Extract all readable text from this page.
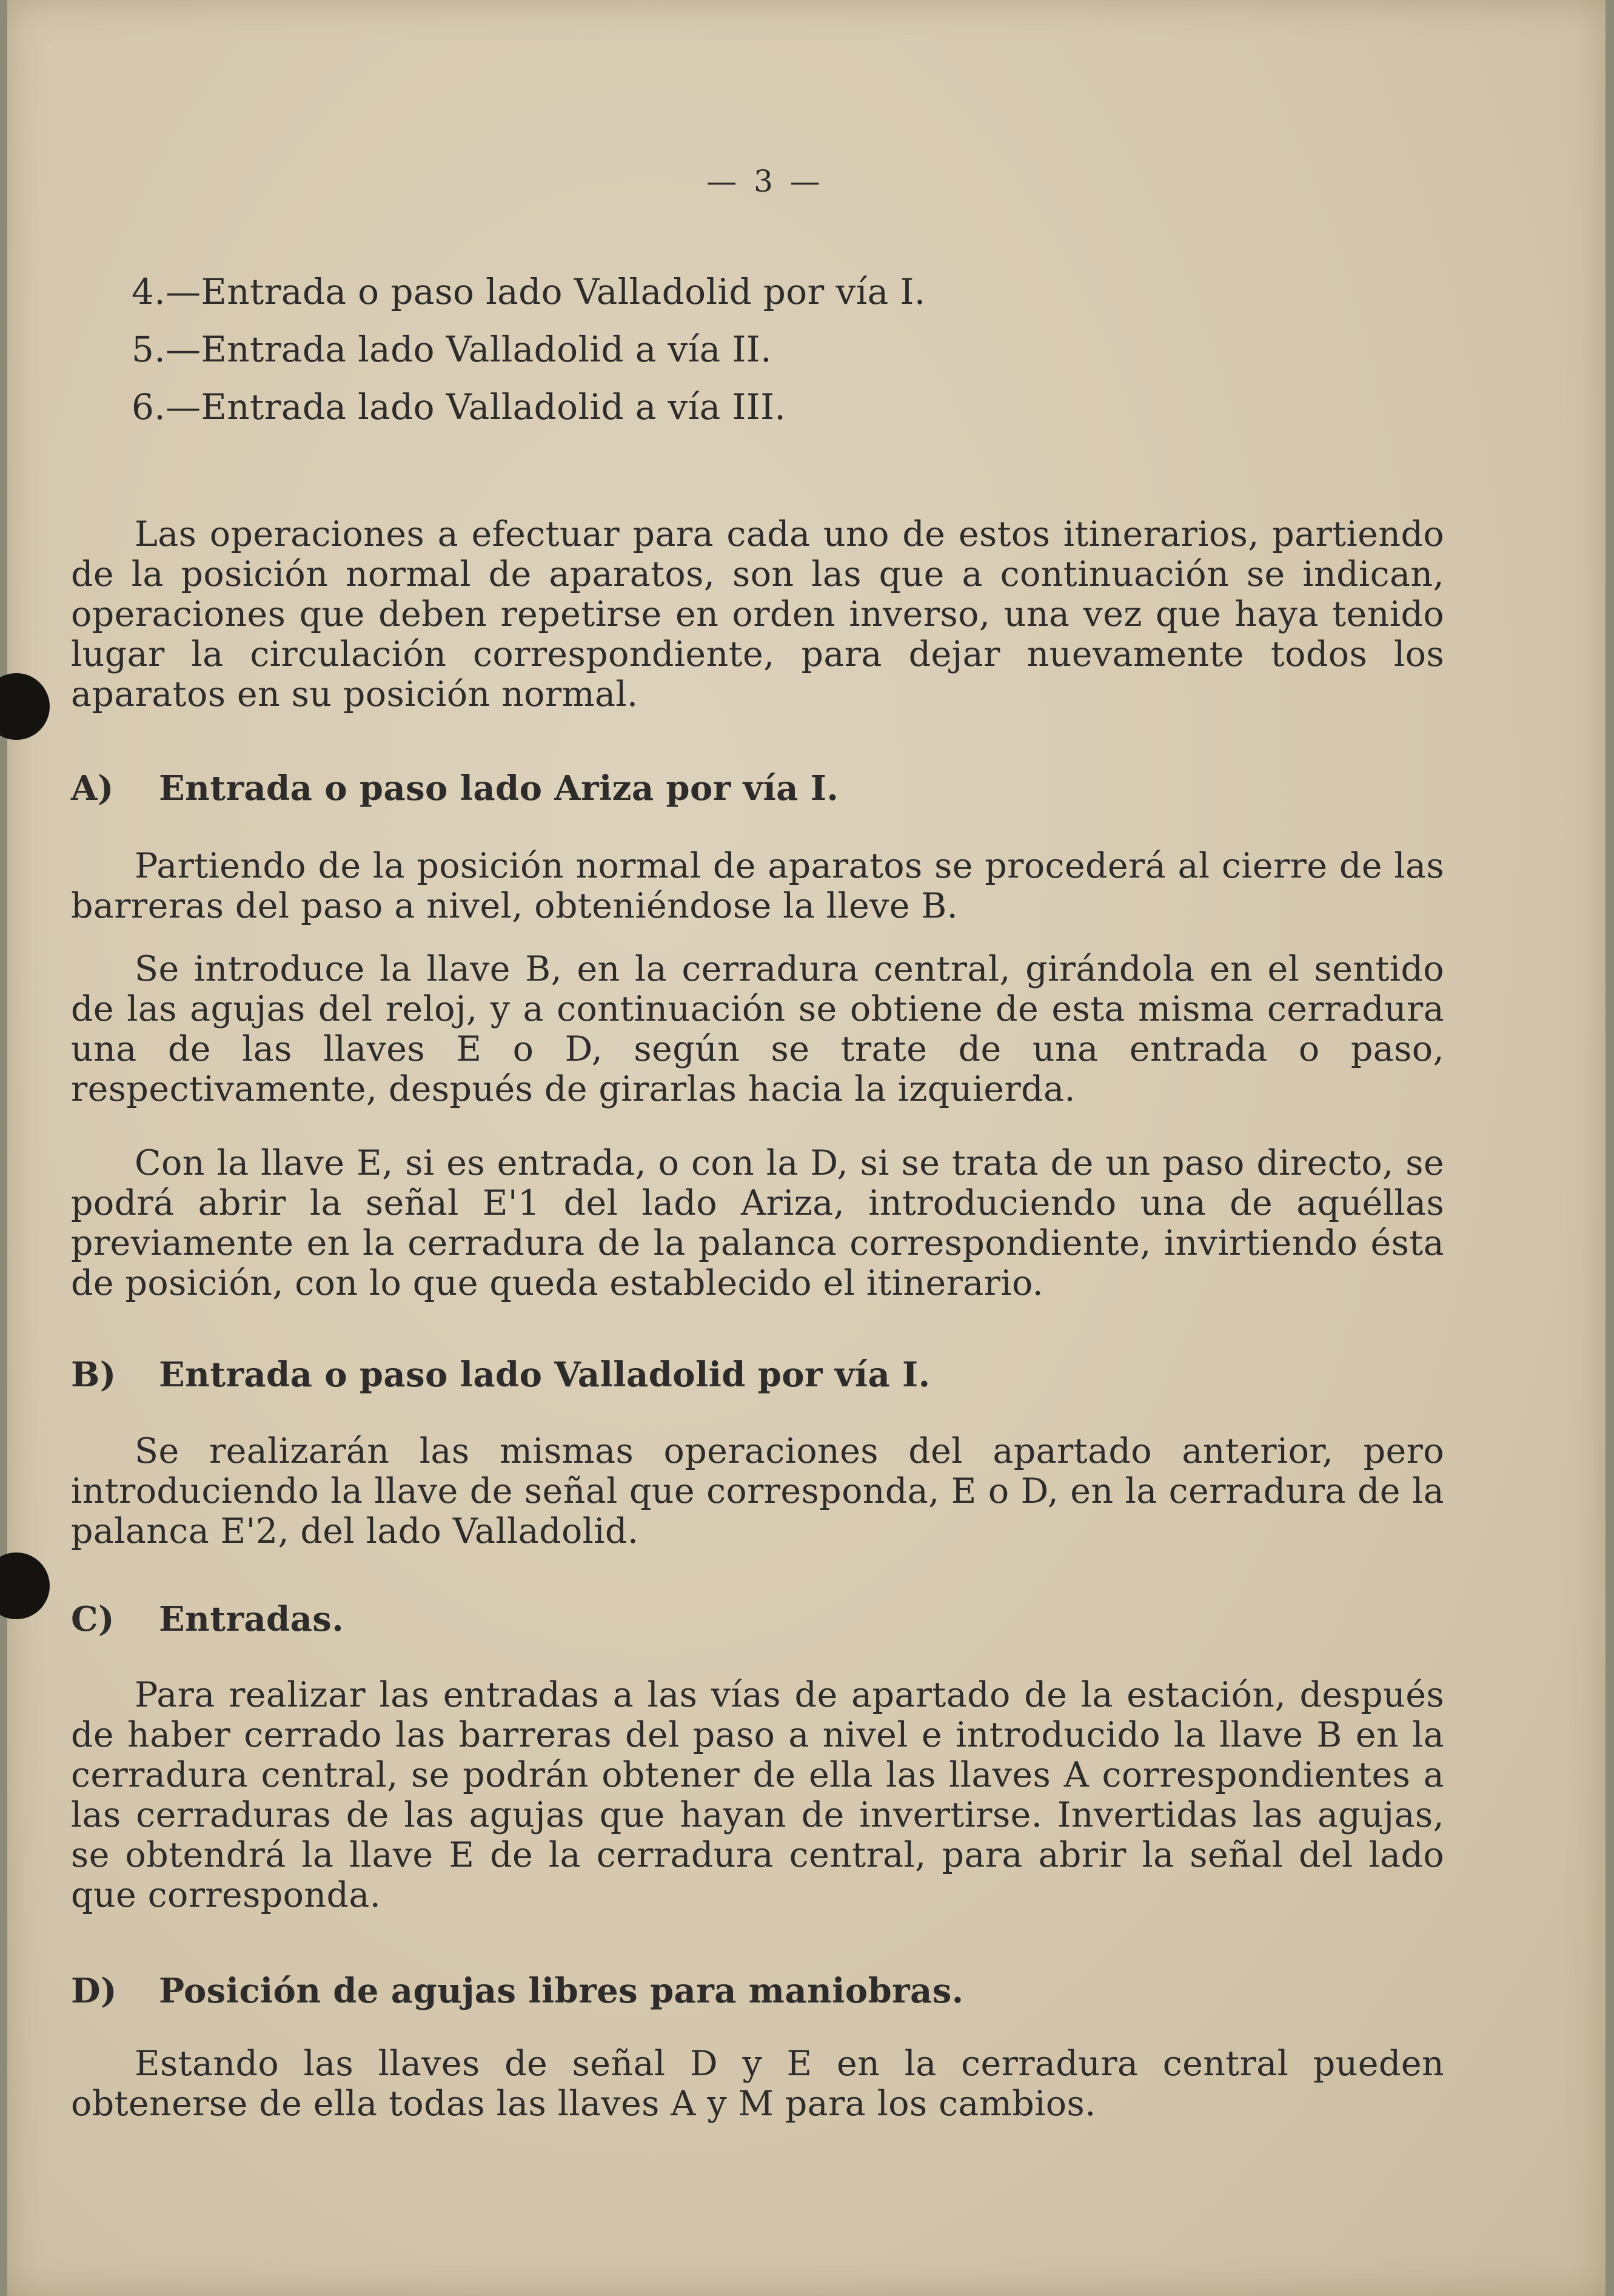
— 3 —
4.—Entrada o paso lado Valladolid por vía I.
5.—Entrada lado Valladolid a vía II.
6.—Entrada lado Valladolid a vía III.

Las operaciones a efectuar para cada uno de estos itinerarios, partiendo de la posición normal de aparatos, son las que a continuación se indican, operaciones que deben repetirse en orden inverso, una vez que haya tenido lugar la circulación correspondiente, para dejar nuevamente todos los aparatos en su posición normal.

A) Entrada o paso lado Ariza por vía I.

Partiendo de la posición normal de aparatos se procederá al cierre de las barreras del paso a nivel, obteniéndose la lleve B.

Se introduce la llave B, en la cerradura central, girándola en el sentido de las agujas del reloj, y a continuación se obtiene de esta misma cerradura una de las llaves E o D, según se trate de una entrada o paso, respectivamente, después de girarlas hacia la izquierda.

Con la llave E, si es entrada, o con la D, si se trata de un paso directo, se podrá abrir la señal E'1 del lado Ariza, introduciendo una de aquéllas previamente en la cerradura de la palanca correspondiente, invirtiendo ésta de posición, con lo que queda establecido el itinerario.

B) Entrada o paso lado Valladolid por vía I.

Se realizarán las mismas operaciones del apartado anterior, pero introduciendo la llave de señal que corresponda, E o D, en la cerradura de la palanca E'2, del lado Valladolid.

C) Entradas.

Para realizar las entradas a las vías de apartado de la estación, después de haber cerrado las barreras del paso a nivel e introducido la llave B en la cerradura central, se podrán obtener de ella las llaves A correspondientes a las cerraduras de las agujas que hayan de invertirse. Invertidas las agujas, se obtendrá la llave E de la cerradura central, para abrir la señal del lado que corresponda.

D) Posición de agujas libres para maniobras.

Estando las llaves de señal D y E en la cerradura central pueden obtenerse de ella todas las llaves A y M para los cambios.
